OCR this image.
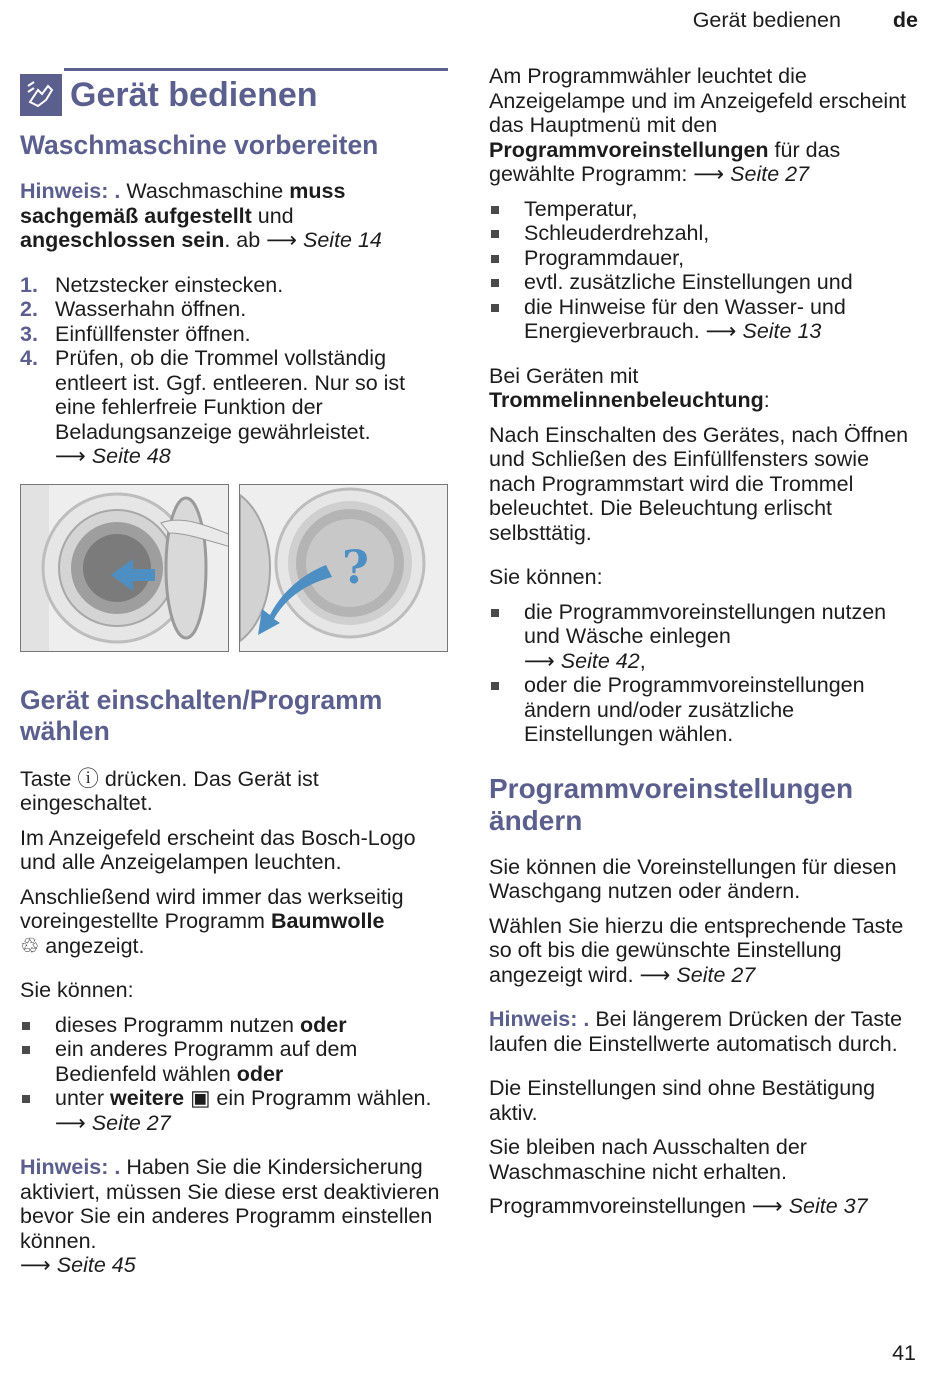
Gerät bedienen de
Gerät bedienen
Waschmaschine vorbereiten

Hinweis: . Waschmaschine muss sachgemäß aufgestellt und angeschlossen sein. ab ⟶ Seite 14

1. Netzstecker einstecken.
2. Wasserhahn öffnen.
3. Einfüllfenster öffnen.
4. Prüfen, ob die Trommel vollständig entleert ist. Ggf. entleeren. Nur so ist eine fehlerfreie Funktion der Beladungsanzeige gewährleistet.
⟶ Seite 48
?
Gerät einschalten/Programm wählen

Taste ⓘ drücken. Das Gerät ist eingeschaltet.

Im Anzeigefeld erscheint das Bosch-Logo und alle Anzeigelampen leuchten.

Anschließend wird immer das werkseitig voreingestellte Programm Baumwolle
♲ angezeigt.

Sie können:

dieses Programm nutzen oder
ein anderes Programm auf dem Bedienfeld wählen oder
unter weitere ▣ ein Programm wählen. ⟶ Seite 27

Hinweis: . Haben Sie die Kindersicherung aktiviert, müssen Sie diese erst deaktivieren bevor Sie ein anderes Programm einstellen können.
⟶ Seite 45

Am Programmwähler leuchtet die Anzeigelampe und im Anzeigefeld erscheint das Hauptmenü mit den Programmvoreinstellungen für das gewählte Programm: ⟶ Seite 27

Temperatur,
Schleuderdrehzahl,
Programmdauer,
evtl. zusätzliche Einstellungen und
die Hinweise für den Wasser- und Energieverbrauch. ⟶ Seite 13

Bei Geräten mit
Trommelinnenbeleuchtung:

Nach Einschalten des Gerätes, nach Öffnen und Schließen des Einfüllfensters sowie nach Programmstart wird die Trommel beleuchtet. Die Beleuchtung erlischt selbsttätig.

Sie können:

die Programmvoreinstellungen nutzen und Wäsche einlegen
⟶ Seite 42,
oder die Programmvoreinstellungen ändern und/oder zusätzliche Einstellungen wählen.
Programmvoreinstellungen ändern

Sie können die Voreinstellungen für diesen Waschgang nutzen oder ändern.

Wählen Sie hierzu die entsprechende Taste so oft bis die gewünschte Einstellung angezeigt wird. ⟶ Seite 27

Hinweis: . Bei längerem Drücken der Taste laufen die Einstellwerte automatisch durch.

Die Einstellungen sind ohne Bestätigung aktiv.

Sie bleiben nach Ausschalten der Waschmaschine nicht erhalten.

Programmvoreinstellungen ⟶ Seite 37

41
